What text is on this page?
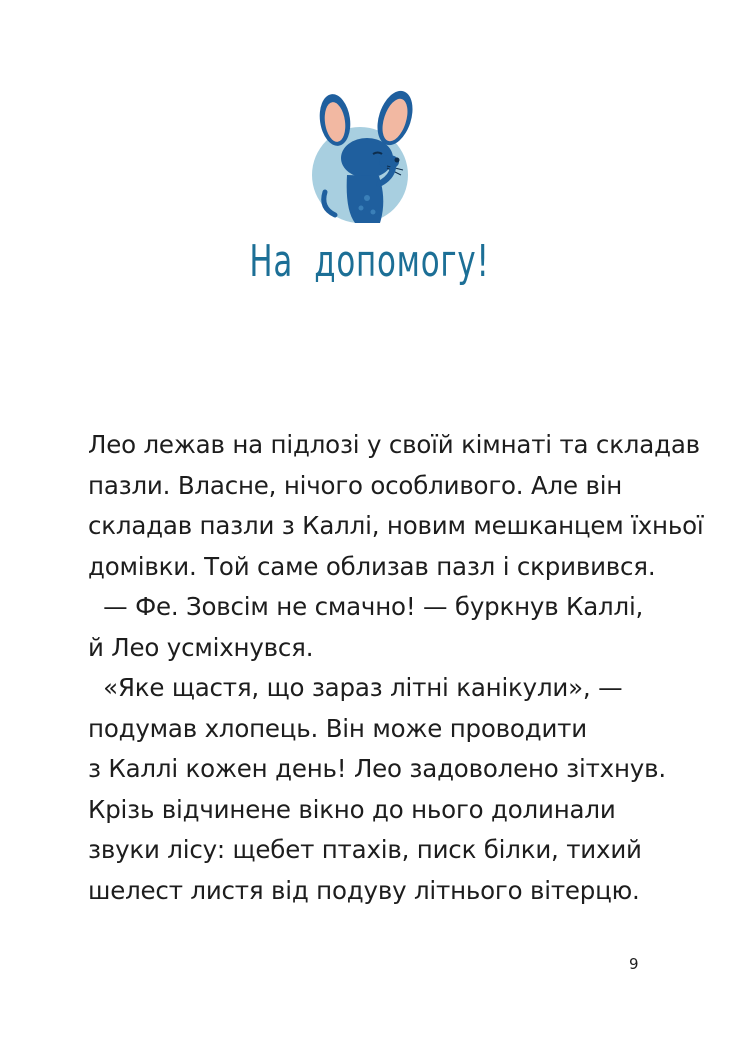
На  допомогу!
Лео лежав на підлозі у своїй кімнаті та складав
пазли. Власне, нічого особливого. Але він
складав пазли з Каллі, новим мешканцем їхньої
домівки. Той саме облизав пазл і скривився.
— Фе. Зовсім не смачно! — буркнув Каллі,
й Лео усміхнувся.
«Яке щастя, що зараз літні канікули», —
подумав хлопець. Він може проводити
з Каллі кожен день! Лео задоволено зітхнув.
Крізь відчинене вікно до нього долинали
звуки лісу: щебет птахів, писк білки, тихий
шелест листя від подуву літнього вітерцю.
9
